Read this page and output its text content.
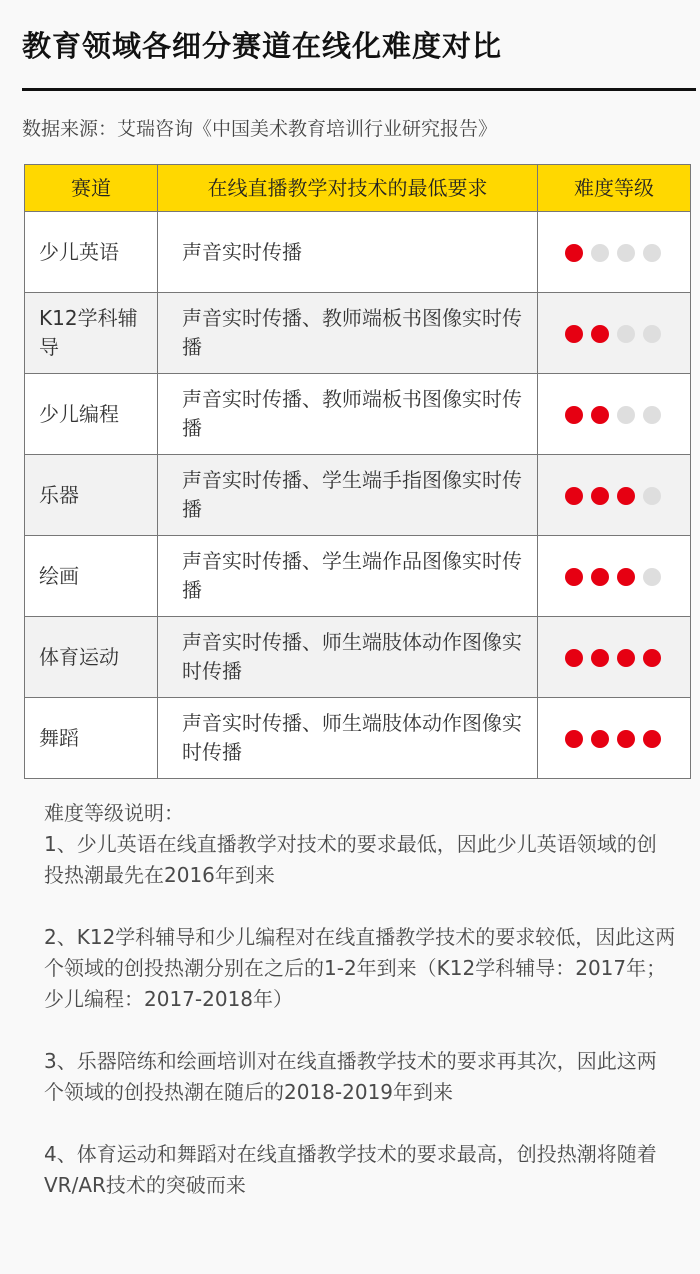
教育领域各细分赛道在线化难度对比
数据来源：艾瑞咨询《中国美术教育培训行业研究报告》
赛道	在线直播教学对技术的最低要求	难度等级
少儿英语	声音实时传播	

K12学科辅导	声音实时传播、教师端板书图像实时传播	

少儿编程	声音实时传播、教师端板书图像实时传播	

乐器	声音实时传播、学生端手指图像实时传播	

绘画	声音实时传播、学生端作品图像实时传播	

体育运动	声音实时传播、师生端肢体动作图像实时传播	

舞蹈	声音实时传播、师生端肢体动作图像实时传播	

难度等级说明：

1、少儿英语在线直播教学对技术的要求最低，因此少儿英语领域的创投热潮最先在2016年到来

2、K12学科辅导和少儿编程对在线直播教学技术的要求较低，因此这两个领域的创投热潮分别在之后的1-2年到来（K12学科辅导：2017年；少儿编程：2017-2018年）

3、乐器陪练和绘画培训对在线直播教学技术的要求再其次，因此这两个领域的创投热潮在随后的2018-2019年到来

4、体育运动和舞蹈对在线直播教学技术的要求最高，创投热潮将随着VR/AR技术的突破而来
